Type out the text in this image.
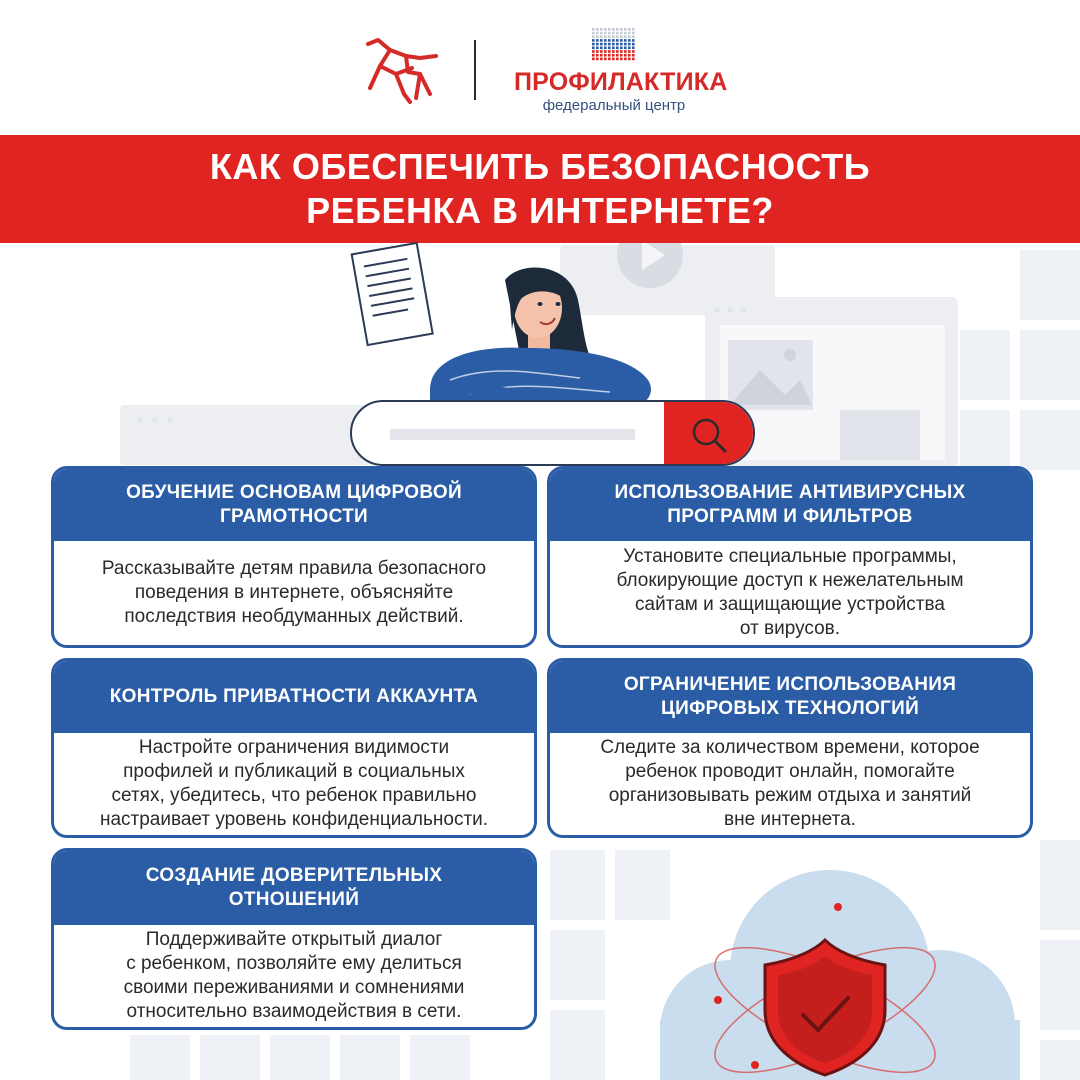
ПРОФИЛАКТИКА
федеральный центр
КАК ОБЕСПЕЧИТЬ БЕЗОПАСНОСТЬ
РЕБЕНКА В ИНТЕРНЕТЕ?
ОБУЧЕНИЕ ОСНОВАМ ЦИФРОВОЙ
ГРАМОТНОСТИ
Рассказывайте детям правила безопасного
поведения в интернете, объясняйте
последствия необдуманных действий.
ИСПОЛЬЗОВАНИЕ АНТИВИРУСНЫХ
ПРОГРАММ И ФИЛЬТРОВ
Установите специальные программы,
блокирующие доступ к нежелательным
сайтам и защищающие устройства
от вирусов.
КОНТРОЛЬ ПРИВАТНОСТИ АККАУНТА
Настройте ограничения видимости
профилей и публикаций в социальных
сетях, убедитесь, что ребенок правильно
настраивает уровень конфиденциальности.
ОГРАНИЧЕНИЕ ИСПОЛЬЗОВАНИЯ
ЦИФРОВЫХ ТЕХНОЛОГИЙ
Следите за количеством времени, которое
ребенок проводит онлайн, помогайте
организовывать режим отдыха и занятий
вне интернета.
СОЗДАНИЕ ДОВЕРИТЕЛЬНЫХ
ОТНОШЕНИЙ
Поддерживайте открытый диалог
с ребенком, позволяйте ему делиться
своими переживаниями и сомнениями
относительно взаимодействия в сети.
